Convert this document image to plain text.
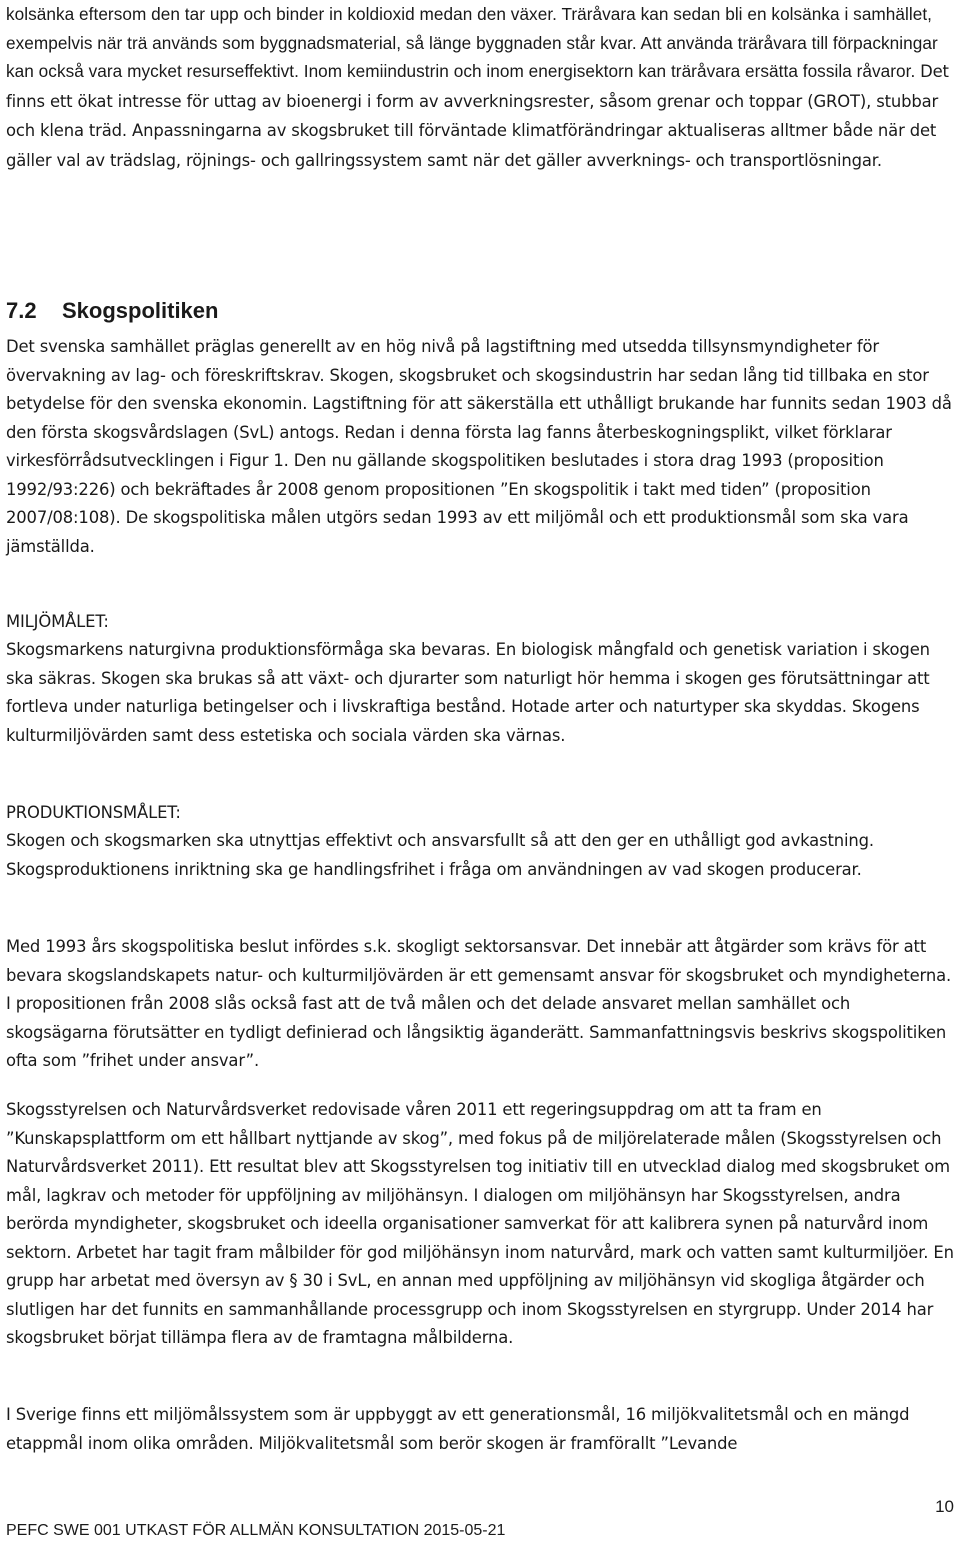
kolsänka eftersom den tar upp och binder in koldioxid medan den växer. Träråvara kan sedan bli en kolsänka i samhället, exempelvis när trä används som byggnadsmaterial, så länge byggnaden står kvar. Att använda träråvara till förpackningar kan också vara mycket resurseffektivt. Inom kemiindustrin och inom energisektorn kan träråvara ersätta fossila råvaror. Det finns ett ökat intresse för uttag av bioenergi i form av avverkningsrester, såsom grenar och toppar (GROT), stubbar och klena träd. Anpassningarna av skogsbruket till förväntade klimatförändringar aktualiseras alltmer både när det gäller val av trädslag, röjnings- och gallringssystem samt när det gäller avverknings- och transportlösningar.

7.2 Skogspolitiken

Det svenska samhället präglas generellt av en hög nivå på lagstiftning med utsedda tillsynsmyndigheter för övervakning av lag- och föreskriftskrav. Skogen, skogsbruket och skogsindustrin har sedan lång tid tillbaka en stor betydelse för den svenska ekonomin. Lagstiftning för att säkerställa ett uthålligt brukande har funnits sedan 1903 då den första skogsvårdslagen (SvL) antogs. Redan i denna första lag fanns återbeskogningsplikt, vilket förklarar virkesförrådsutvecklingen i Figur 1. Den nu gällande skogspolitiken beslutades i stora drag 1993 (proposition 1992/93:226) och bekräftades år 2008 genom propositionen ”En skogspolitik i takt med tiden” (proposition 2007/08:108). De skogspolitiska målen utgörs sedan 1993 av ett miljömål och ett produktionsmål som ska vara jämställda.

MILJÖMÅLET:

Skogsmarkens naturgivna produktionsförmåga ska bevaras. En biologisk mångfald och genetisk variation i skogen ska säkras. Skogen ska brukas så att växt- och djurarter som naturligt hör hemma i skogen ges förutsättningar att fortleva under naturliga betingelser och i livskraftiga bestånd. Hotade arter och naturtyper ska skyddas. Skogens kulturmiljövärden samt dess estetiska och sociala värden ska värnas.

PRODUKTIONSMÅLET:

Skogen och skogsmarken ska utnyttjas effektivt och ansvarsfullt så att den ger en uthålligt god avkastning. Skogsproduktionens inriktning ska ge handlingsfrihet i fråga om användningen av vad skogen producerar.

Med 1993 års skogspolitiska beslut infördes s.k. skogligt sektorsansvar. Det innebär att åtgärder som krävs för att bevara skogslandskapets natur- och kulturmiljövärden är ett gemensamt ansvar för skogsbruket och myndigheterna. I propositionen från 2008 slås också fast att de två målen och det delade ansvaret mellan samhället och skogsägarna förutsätter en tydligt definierad och långsiktig äganderätt. Sammanfattningsvis beskrivs skogspolitiken ofta som ”frihet under ansvar”.

Skogsstyrelsen och Naturvårdsverket redovisade våren 2011 ett regeringsuppdrag om att ta fram en ”Kunskapsplattform om ett hållbart nyttjande av skog”, med fokus på de miljörelaterade målen (Skogsstyrelsen och Naturvårdsverket 2011). Ett resultat blev att Skogsstyrelsen tog initiativ till en utvecklad dialog med skogsbruket om mål, lagkrav och metoder för uppföljning av miljöhänsyn. I dialogen om miljöhänsyn har Skogsstyrelsen, andra berörda myndigheter, skogsbruket och ideella organisationer samverkat för att kalibrera synen på naturvård inom sektorn. Arbetet har tagit fram målbilder för god miljöhänsyn inom naturvård, mark och vatten samt kulturmiljöer. En grupp har arbetat med översyn av § 30 i SvL, en annan med uppföljning av miljöhänsyn vid skogliga åtgärder och slutligen har det funnits en sammanhållande processgrupp och inom Skogsstyrelsen en styrgrupp. Under 2014 har skogsbruket börjat tillämpa flera av de framtagna målbilderna.

I Sverige finns ett miljömålssystem som är uppbyggt av ett generationsmål, 16 miljökvalitetsmål och en mängd etappmål inom olika områden. Miljökvalitetsmål som berör skogen är framförallt ”Levande

10

PEFC SWE 001 UTKAST FÖR ALLMÄN KONSULTATION 2015-05-21
